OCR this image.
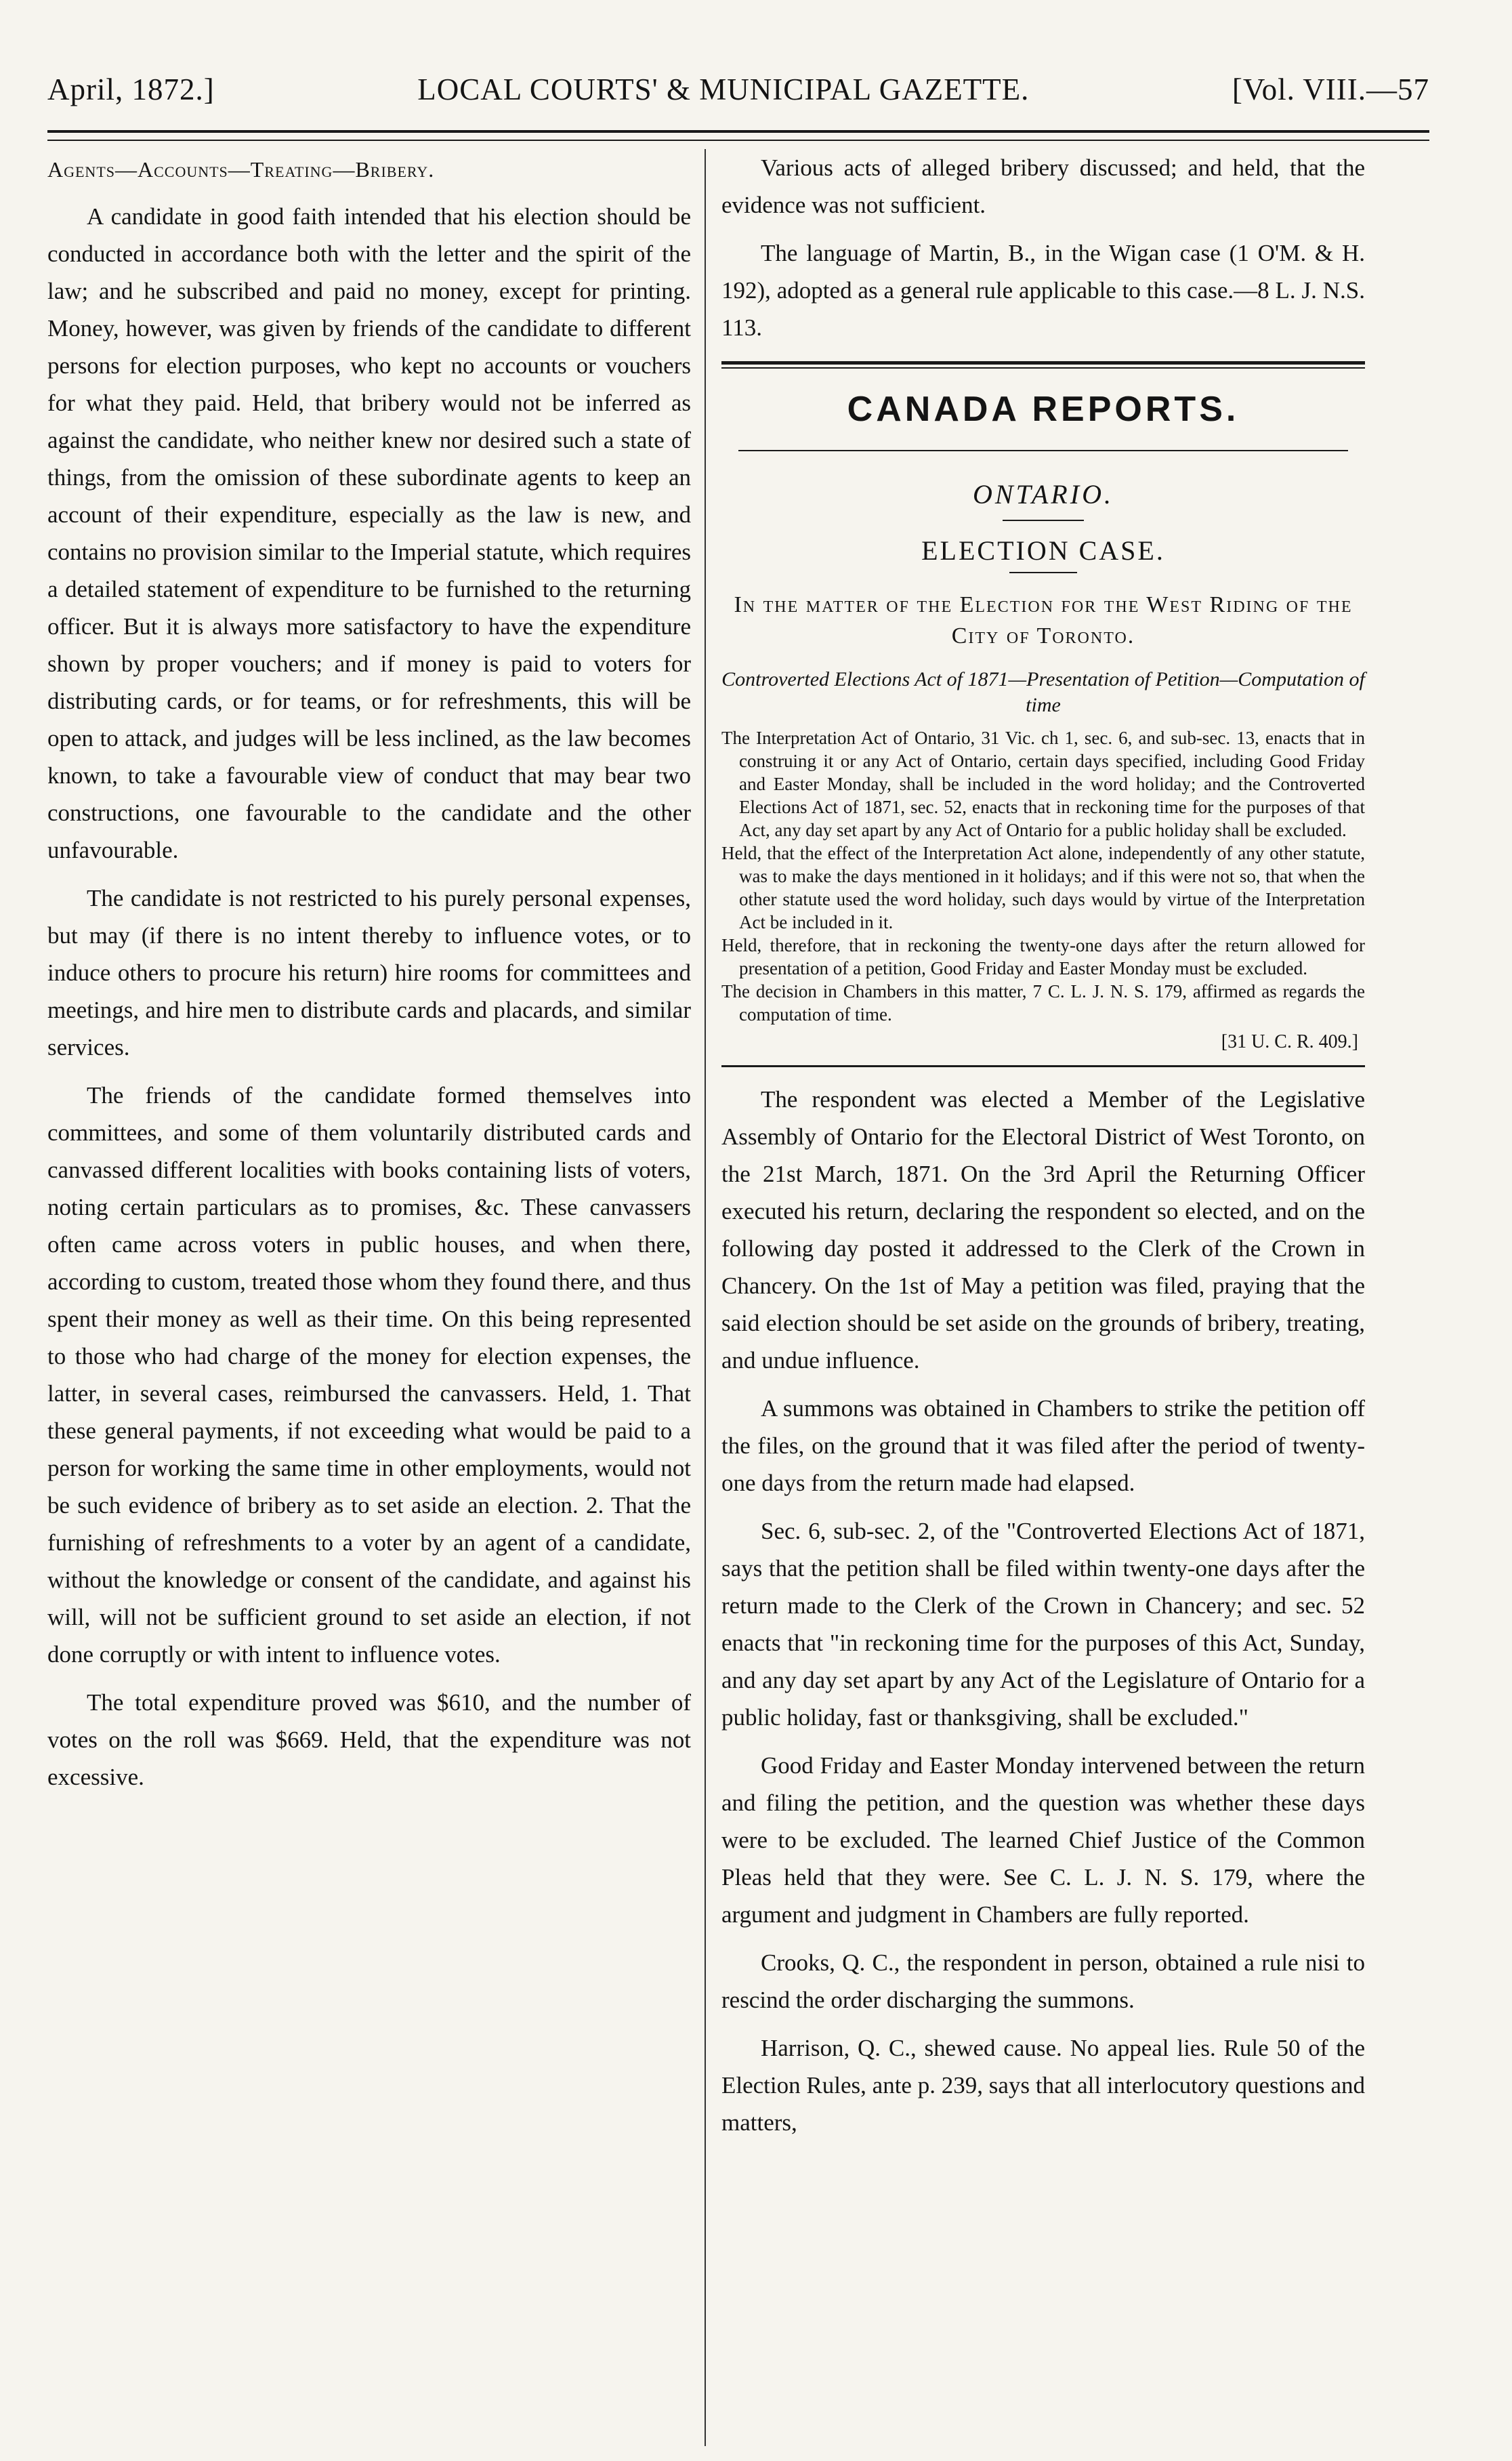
April, 1872.]	LOCAL COURTS' & MUNICIPAL GAZETTE.	[Vol. VIII.—57
Agents—Accounts—Treating—Bribery.

A candidate in good faith intended that his election should be conducted in accordance both with the letter and the spirit of the law; and he subscribed and paid no money, except for printing. Money, however, was given by friends of the candidate to different persons for election purposes, who kept no accounts or vouchers for what they paid. Held, that bribery would not be inferred as against the candidate, who neither knew nor desired such a state of things, from the omission of these subordinate agents to keep an account of their expenditure, especially as the law is new, and contains no provision similar to the Imperial statute, which requires a detailed statement of expenditure to be furnished to the returning officer. But it is always more satisfactory to have the expenditure shown by proper vouchers; and if money is paid to voters for distributing cards, or for teams, or for refreshments, this will be open to attack, and judges will be less inclined, as the law becomes known, to take a favourable view of conduct that may bear two constructions, one favourable to the candidate and the other unfavourable.

The candidate is not restricted to his purely personal expenses, but may (if there is no intent thereby to influence votes, or to induce others to procure his return) hire rooms for committees and meetings, and hire men to distribute cards and placards, and similar services.

The friends of the candidate formed themselves into committees, and some of them voluntarily distributed cards and canvassed different localities with books containing lists of voters, noting certain particulars as to promises, &c. These canvassers often came across voters in public houses, and when there, according to custom, treated those whom they found there, and thus spent their money as well as their time. On this being represented to those who had charge of the money for election expenses, the latter, in several cases, reimbursed the canvassers. Held, 1. That these general payments, if not exceeding what would be paid to a person for working the same time in other employments, would not be such evidence of bribery as to set aside an election. 2. That the furnishing of refreshments to a voter by an agent of a candidate, without the knowledge or consent of the candidate, and against his will, will not be sufficient ground to set aside an election, if not done corruptly or with intent to influence votes.

The total expenditure proved was $610, and the number of votes on the roll was $669. Held, that the expenditure was not excessive.

Various acts of alleged bribery discussed; and held, that the evidence was not sufficient.

The language of Martin, B., in the Wigan case (1 O'M. & H. 192), adopted as a general rule applicable to this case.—8 L. J. N.S. 113.

CANADA REPORTS.
ONTARIO.
ELECTION CASE.
In the matter of the Election for the West Riding of the City of Toronto.
Controverted Elections Act of 1871—Presentation of Petition—Computation of time

The Interpretation Act of Ontario, 31 Vic. ch 1, sec. 6, and sub-sec. 13, enacts that in construing it or any Act of Ontario, certain days specified, including Good Friday and Easter Monday, shall be included in the word holiday; and the Controverted Elections Act of 1871, sec. 52, enacts that in reckoning time for the purposes of that Act, any day set apart by any Act of Ontario for a public holiday shall be excluded.

Held, that the effect of the Interpretation Act alone, independently of any other statute, was to make the days mentioned in it holidays; and if this were not so, that when the other statute used the word holiday, such days would by virtue of the Interpretation Act be included in it.

Held, therefore, that in reckoning the twenty-one days after the return allowed for presentation of a petition, Good Friday and Easter Monday must be excluded.

The decision in Chambers in this matter, 7 C. L. J. N. S. 179, affirmed as regards the computation of time.

[31 U. C. R. 409.]

The respondent was elected a Member of the Legislative Assembly of Ontario for the Electoral District of West Toronto, on the 21st March, 1871. On the 3rd April the Returning Officer executed his return, declaring the respondent so elected, and on the following day posted it addressed to the Clerk of the Crown in Chancery. On the 1st of May a petition was filed, praying that the said election should be set aside on the grounds of bribery, treating, and undue influence.

A summons was obtained in Chambers to strike the petition off the files, on the ground that it was filed after the period of twenty-one days from the return made had elapsed.

Sec. 6, sub-sec. 2, of the "Controverted Elections Act of 1871, says that the petition shall be filed within twenty-one days after the return made to the Clerk of the Crown in Chancery; and sec. 52 enacts that "in reckoning time for the purposes of this Act, Sunday, and any day set apart by any Act of the Legislature of Ontario for a public holiday, fast or thanksgiving, shall be excluded."

Good Friday and Easter Monday intervened between the return and filing the petition, and the question was whether these days were to be excluded. The learned Chief Justice of the Common Pleas held that they were. See C. L. J. N. S. 179, where the argument and judgment in Chambers are fully reported.

Crooks, Q. C., the respondent in person, obtained a rule nisi to rescind the order discharging the summons.

Harrison, Q. C., shewed cause. No appeal lies. Rule 50 of the Election Rules, ante p. 239, says that all interlocutory questions and matters,
